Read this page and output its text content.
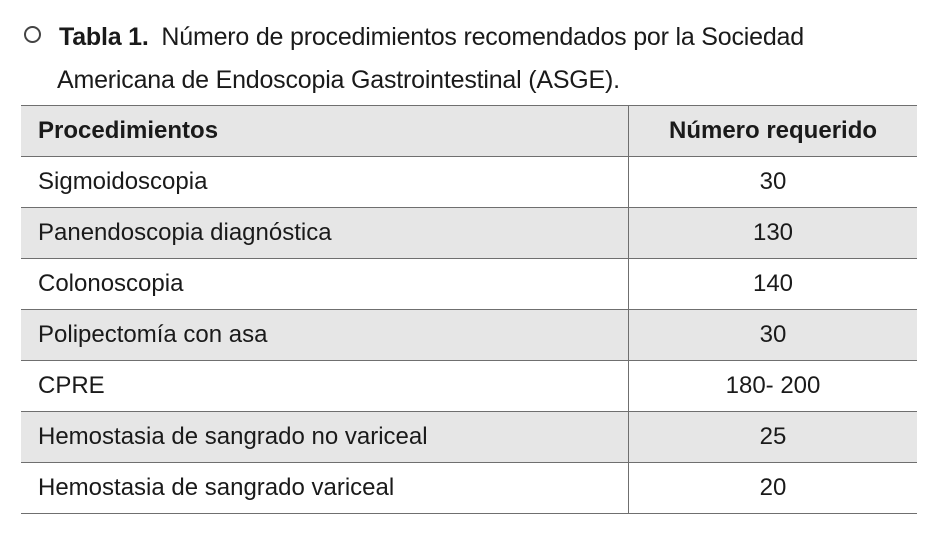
Tabla 1. Número de procedimientos recomendados por la Sociedad
Americana de Endoscopia Gastrointestinal (ASGE).
Procedimientos	Número requerido
Sigmoidoscopia	30
Panendoscopia diagnóstica	130
Colonoscopia	140
Polipectomía con asa	30
CPRE	180- 200
Hemostasia de sangrado no variceal	25
Hemostasia de sangrado variceal	20
